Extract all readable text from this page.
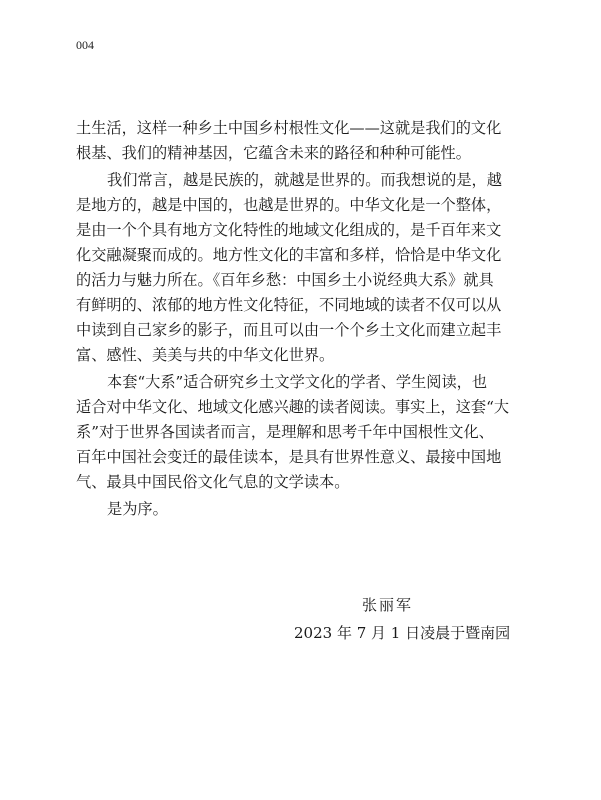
004
土生活，这样一种乡土中国乡村根性文化——这就是我们的文化
根基、我们的精神基因，它蕴含未来的路径和种种可能性。
我们常言，越是民族的，就越是世界的。而我想说的是，越
是地方的，越是中国的，也越是世界的。中华文化是一个整体，
是由一个个具有地方文化特性的地域文化组成的，是千百年来文
化交融凝聚而成的。地方性文化的丰富和多样，恰恰是中华文化
的活力与魅力所在。《百年乡愁：中国乡土小说经典大系》就具
有鲜明的、浓郁的地方性文化特征，不同地域的读者不仅可以从
中读到自己家乡的影子，而且可以由一个个乡土文化而建立起丰
富、感性、美美与共的中华文化世界。
本套“大系”适合研究乡土文学文化的学者、学生阅读，也
适合对中华文化、地域文化感兴趣的读者阅读。事实上，这套“大
系”对于世界各国读者而言，是理解和思考千年中国根性文化、
百年中国社会变迁的最佳读本，是具有世界性意义、最接中国地
气、最具中国民俗文化气息的文学读本。
是为序。
张丽军
2023 年 7 月 1 日凌晨于暨南园
